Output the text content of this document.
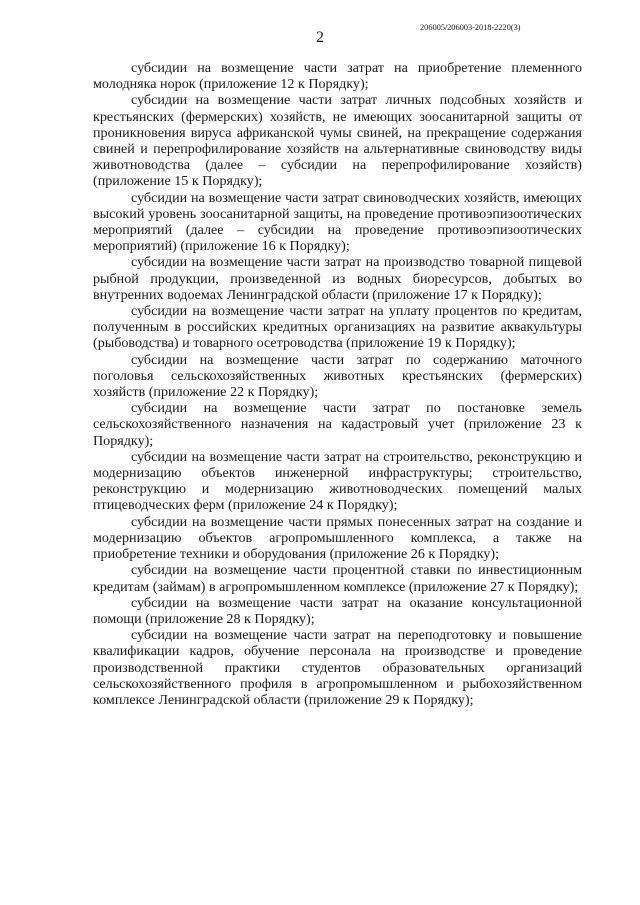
2
206005/206003-2018-2220(3)

субсидии на возмещение части затрат на приобретение племенного молодняка норок (приложение 12 к Порядку);

субсидии на возмещение части затрат личных подсобных хозяйств и крестьянских (фермерских) хозяйств, не имеющих зоосанитарной защиты от проникновения вируса африканской чумы свиней, на прекращение содержания свиней и перепрофилирование хозяйств на альтернативные свиноводству виды животноводства (далее – субсидии на перепрофилирование хозяйств) (приложение 15 к Порядку);

субсидии на возмещение части затрат свиноводческих хозяйств, имеющих высокий уровень зоосанитарной защиты, на проведение противоэпизоотических мероприятий (далее – субсидии на проведение противоэпизоотических мероприятий) (приложение 16 к Порядку);

субсидии на возмещение части затрат на производство товарной пищевой рыбной продукции, произведенной из водных биоресурсов, добытых во внутренних водоемах Ленинградской области (приложение 17 к Порядку);

субсидии на возмещение части затрат на уплату процентов по кредитам, полученным в российских кредитных организациях на развитие аквакультуры (рыбоводства) и товарного осетроводства (приложение 19 к Порядку);

субсидии на возмещение части затрат по содержанию маточного поголовья сельскохозяйственных животных крестьянских (фермерских) хозяйств (приложение 22 к Порядку);

субсидии на возмещение части затрат по постановке земель сельскохозяйственного назначения на кадастровый учет (приложение 23 к Порядку);

субсидии на возмещение части затрат на строительство, реконструкцию и модернизацию объектов инженерной инфраструктуры; строительство, реконструкцию и модернизацию животноводческих помещений малых птицеводческих ферм (приложение 24 к Порядку);

субсидии на возмещение части прямых понесенных затрат на создание и модернизацию объектов агропромышленного комплекса, а также на приобретение техники и оборудования (приложение 26 к Порядку);

субсидии на возмещение части процентной ставки по инвестиционным кредитам (займам) в агропромышленном комплексе (приложение 27 к Порядку);

субсидии на возмещение части затрат на оказание консультационной помощи (приложение 28 к Порядку);

субсидии на возмещение части затрат на переподготовку и повышение квалификации кадров, обучение персонала на производстве и проведение производственной практики студентов образовательных организаций сельскохозяйственного профиля в агропромышленном и рыбохозяйственном комплексе Ленинградской области (приложение 29 к Порядку);
